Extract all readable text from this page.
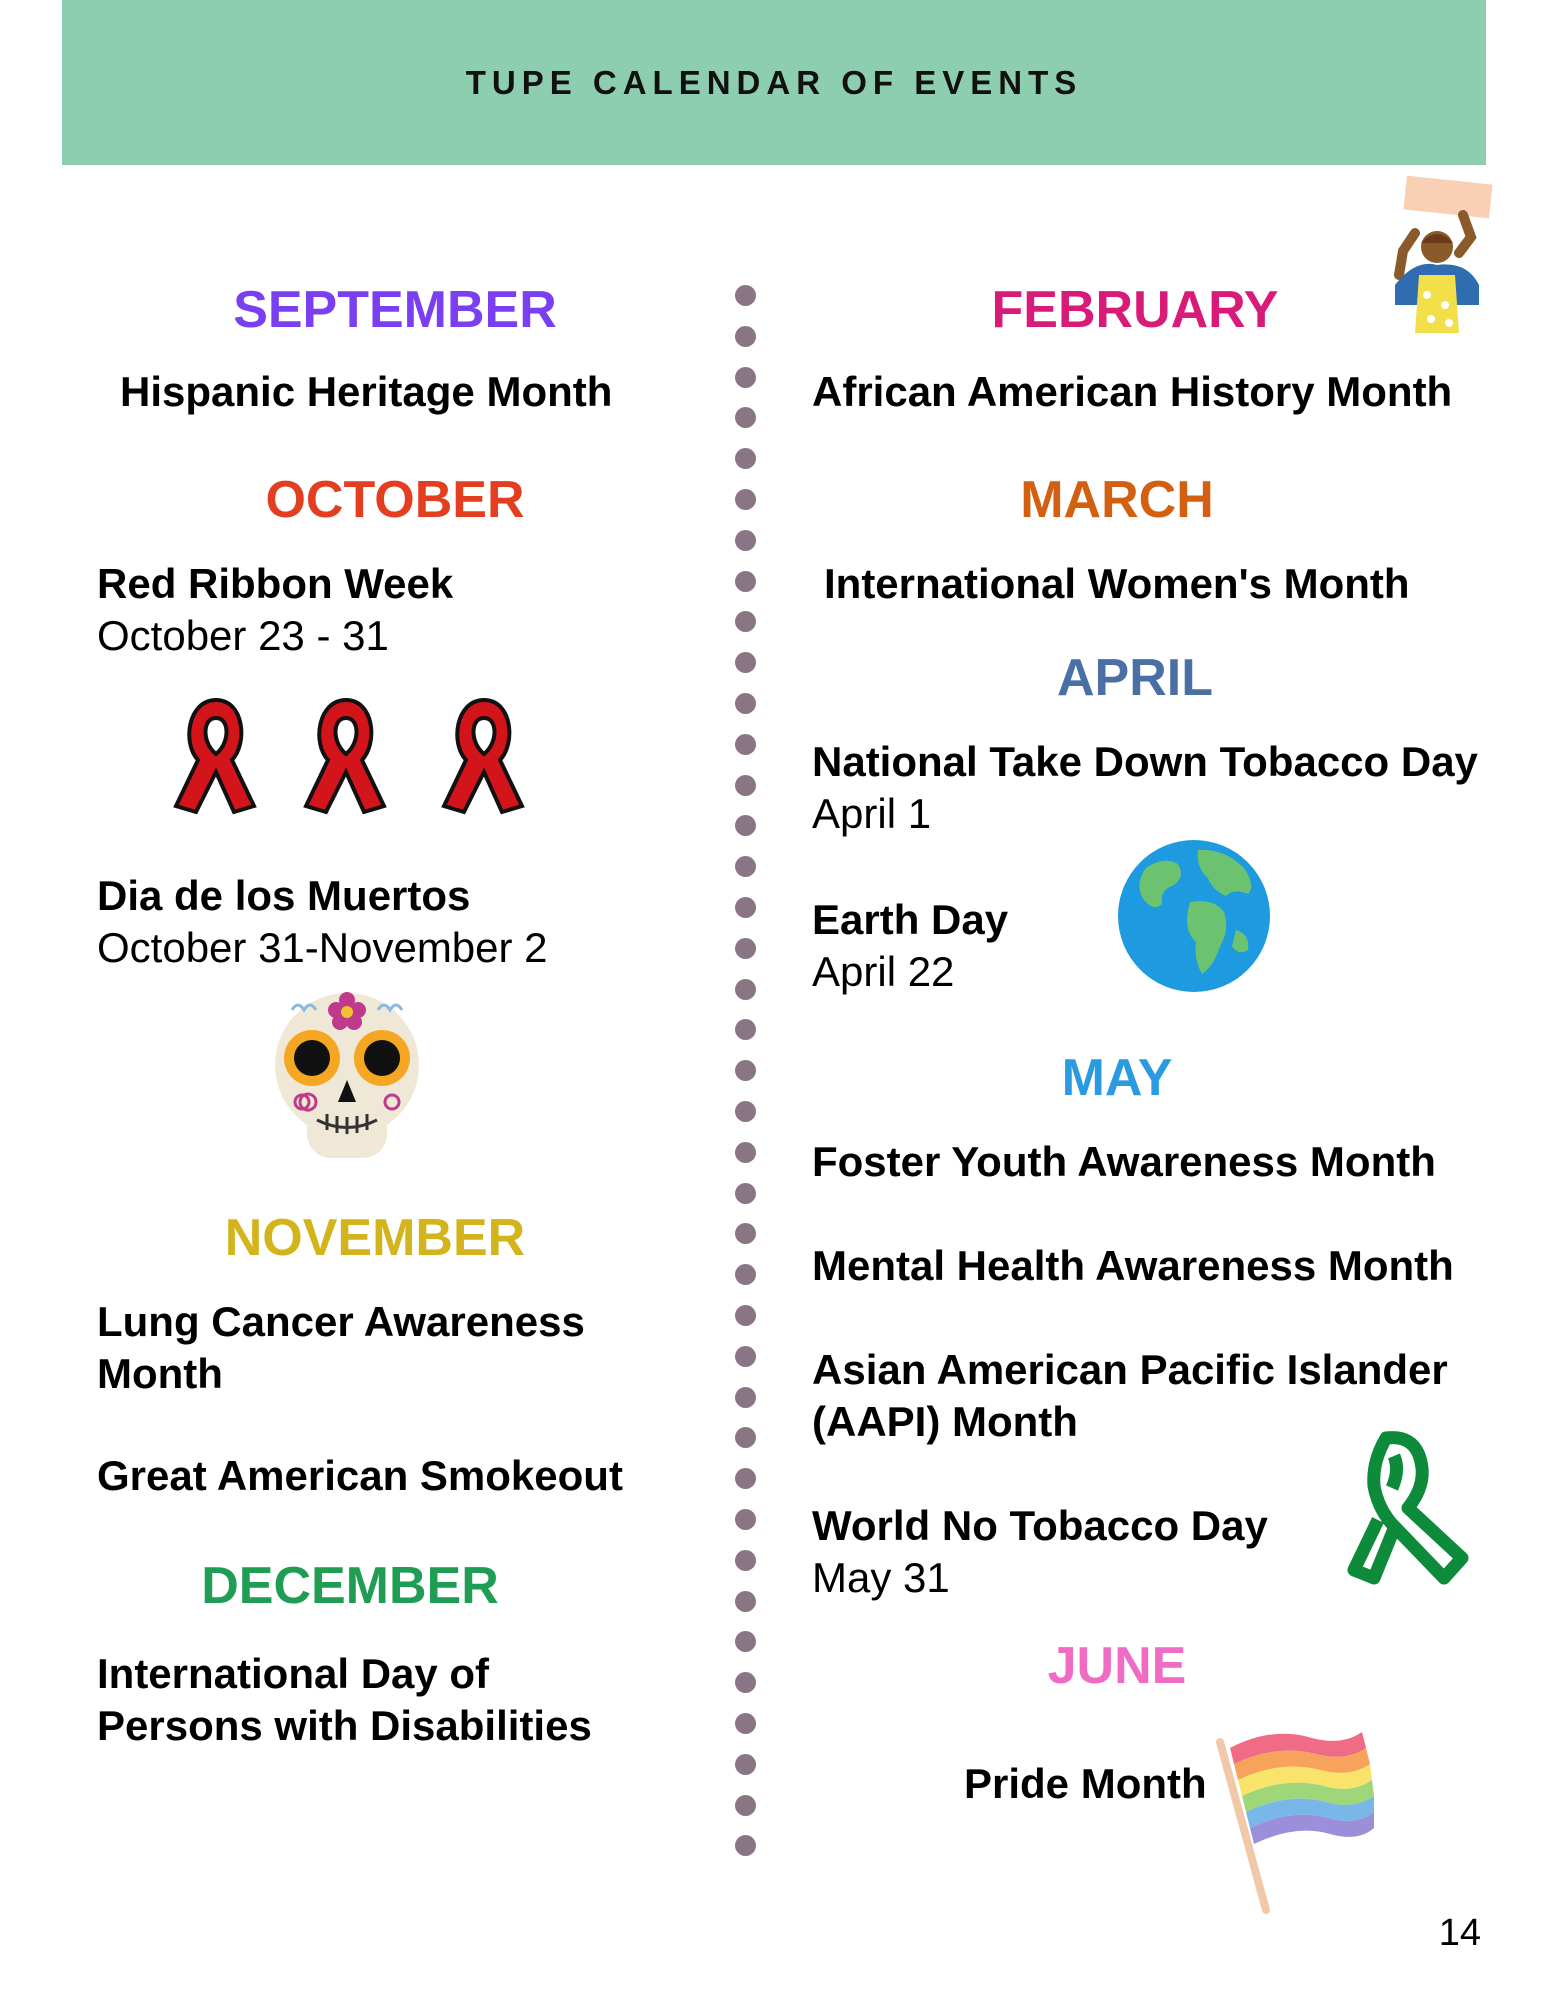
TUPE CALENDAR OF EVENTS
SEPTEMBER
Hispanic Heritage Month
OCTOBER
Red Ribbon Week
October 23 - 31
Dia de los Muertos
October 31-November 2
NOVEMBER
Lung Cancer Awareness
Month
Great American Smokeout
DECEMBER
International Day of
Persons with Disabilities
FEBRUARY
African American History Month
MARCH
International Women's Month
APRIL
National Take Down Tobacco Day
April 1
Earth Day
April 22
MAY
Foster Youth Awareness Month
Mental Health Awareness Month
Asian American Pacific Islander
(AAPI) Month
World No Tobacco Day
May 31
JUNE
Pride Month
14
